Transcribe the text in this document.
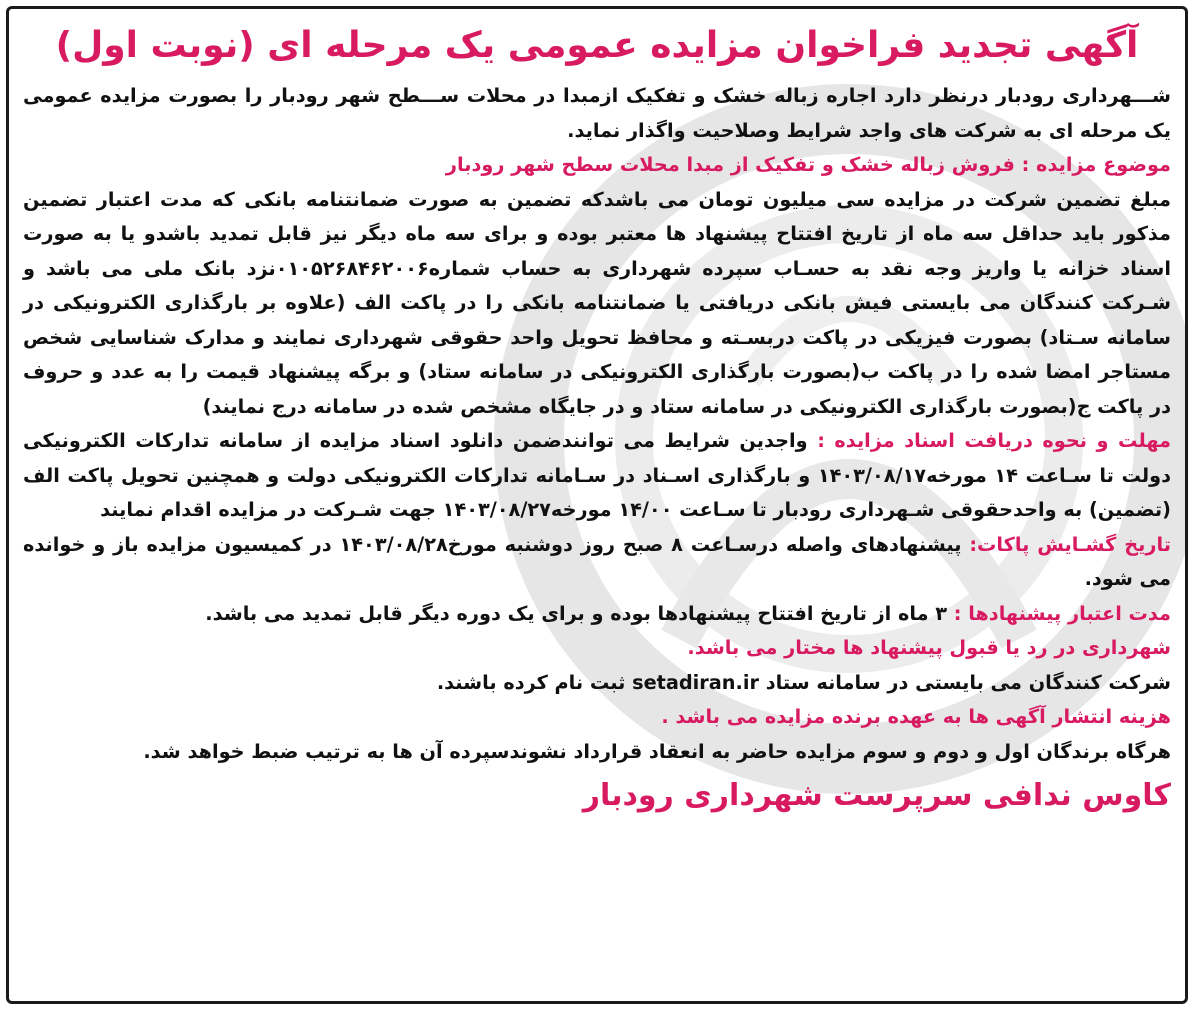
آگهی تجدید فراخوان مزایده عمومی یک مرحله ای (نوبت اول)

شـــهرداری رودبار درنظر دارد اجاره زباله خشک و تفکیک ازمبدا در محلات ســـطح شهر رودبار را بصورت مزایده عمومی یک مرحله ای به شرکت های واجد شرایط وصلاحیت واگذار نماید.

موضوع مزایده : فروش زباله خشک و تفکیک از مبدا محلات سطح شهر رودبار

مبلغ تضمین شرکت در مزایده سی میلیون تومان می باشدکه تضمین به صورت ضمانتنامه بانکی که مدت اعتبار تضمین مذکور باید حداقل سه ماه از تاریخ افتتاح پیشنهاد ها معتبر بوده و برای سه ماه دیگر نیز قابل تمدید باشدو یا به صورت اسناد خزانه یا واریز وجه نقد به حسـاب سپرده شهرداری به حساب شماره۰۱۰۵۲۶۸۴۶۲۰۰۶نزد بانک ملی می باشد و شـرکت کنندگان می بایستی فیش بانکی دریافتی یا ضمانتنامه بانکی را در پاکت الف (علاوه بر بارگذاری الکترونیکی در سامانه سـتاد) بصورت فیزیکی در پاکت دربسـته و محافظ تحویل واحد حقوقی شهرداری نمایند و مدارک شناسایی شخص مستاجر امضا شده را در پاکت ب(بصورت بارگذاری الکترونیکی در سامانه ستاد) و برگه پیشنهاد قیمت را به عدد و حروف در پاکت ج(بصورت بارگذاری الکترونیکی در سامانه ستاد و در جایگاه مشخص شده در سامانه درج نمایند)

مهلت و نحوه دریافت اسناد مزایده : واجدین شرایط می توانندضمن دانلود اسناد مزایده از سامانه تدارکات الکترونیکی دولت تا سـاعت ۱۴ مورخه۱۴۰۳/۰۸/۱۷ و بارگذاری اسـناد در سـامانه تدارکات الکترونیکی دولت و همچنین تحویل پاکت الف (تضمین) به واحدحقوقی شـهرداری رودبار تا سـاعت ۱۴/۰۰ مورخه۱۴۰۳/۰۸/۲۷ جهت شـرکت در مزایده اقدام نمایند

تاریخ گشـایش پاکات: پیشنهادهای واصله درسـاعت ۸ صبح روز دوشنبه مورخ۱۴۰۳/۰۸/۲۸ در کمیسیون مزایده باز و خوانده می شود.

مدت اعتبار پیشنهادها : ۳ ماه از تاریخ افتتاح پیشنهادها بوده و برای یک دوره دیگر قابل تمدید می باشد.

شهرداری در رد یا قبول پیشنهاد ها مختار می باشد.

شرکت کنندگان می بایستی در سامانه ستاد setadiran.ir ثبت نام کرده باشند.

هزینه انتشار آگهی ها به عهده برنده مزایده می باشد .

هرگاه برندگان اول و دوم و سوم مزایده حاضر به انعقاد قرارداد نشوندسپرده آن ها به ترتیب ضبط خواهد شد.

کاوس ندافی سرپرست شهرداری رودبار
